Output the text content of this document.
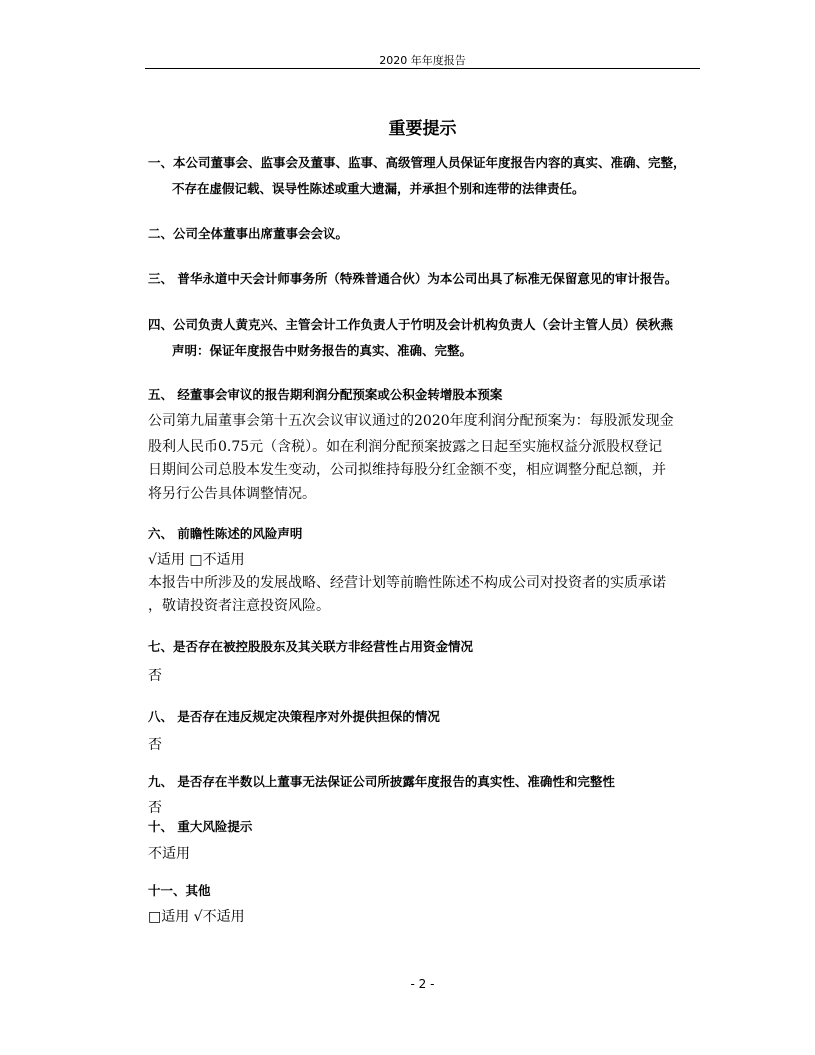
2020 年年度报告
重要提示
一、本公司董事会、监事会及董事、监事、高级管理人员保证年度报告内容的真实、准确、完整，
不存在虚假记载、误导性陈述或重大遗漏，并承担个别和连带的法律责任。
二、公司全体董事出席董事会会议。
三、 普华永道中天会计师事务所（特殊普通合伙）为本公司出具了标准无保留意见的审计报告。
四、公司负责人黄克兴、主管会计工作负责人于竹明及会计机构负责人（会计主管人员）侯秋燕
声明：保证年度报告中财务报告的真实、准确、完整。
五、 经董事会审议的报告期利润分配预案或公积金转增股本预案
公司第九届董事会第十五次会议审议通过的2020年度利润分配预案为：每股派发现金
股利人民币0.75元（含税）。如在利润分配预案披露之日起至实施权益分派股权登记
日期间公司总股本发生变动，公司拟维持每股分红金额不变，相应调整分配总额，并
将另行公告具体调整情况。
六、 前瞻性陈述的风险声明
√适用 □不适用
本报告中所涉及的发展战略、经营计划等前瞻性陈述不构成公司对投资者的实质承诺
，敬请投资者注意投资风险。
七、是否存在被控股股东及其关联方非经营性占用资金情况
否
八、 是否存在违反规定决策程序对外提供担保的情况
否
九、 是否存在半数以上董事无法保证公司所披露年度报告的真实性、准确性和完整性
否
十、 重大风险提示
不适用
十一、其他
□适用 √不适用
- 2 -
